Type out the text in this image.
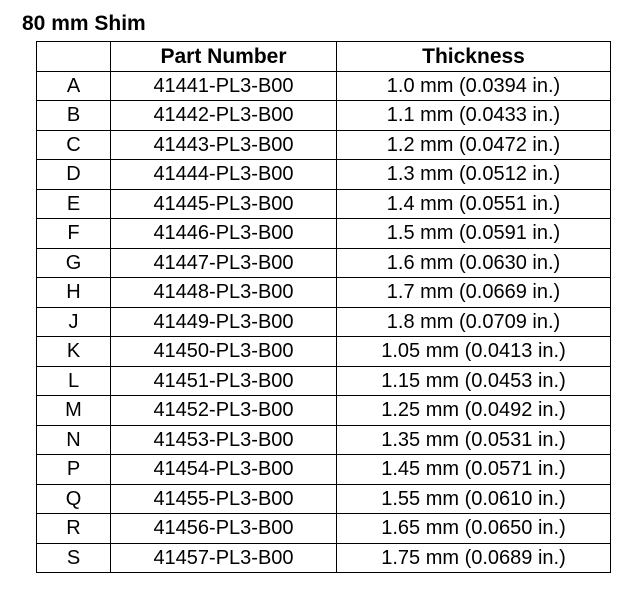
80 mm Shim
	Part Number	Thickness
A	41441-PL3-B00	1.0 mm (0.0394 in.)
B	41442-PL3-B00	1.1 mm (0.0433 in.)
C	41443-PL3-B00	1.2 mm (0.0472 in.)
D	41444-PL3-B00	1.3 mm (0.0512 in.)
E	41445-PL3-B00	1.4 mm (0.0551 in.)
F	41446-PL3-B00	1.5 mm (0.0591 in.)
G	41447-PL3-B00	1.6 mm (0.0630 in.)
H	41448-PL3-B00	1.7 mm (0.0669 in.)
J	41449-PL3-B00	1.8 mm (0.0709 in.)
K	41450-PL3-B00	1.05 mm (0.0413 in.)
L	41451-PL3-B00	1.15 mm (0.0453 in.)
M	41452-PL3-B00	1.25 mm (0.0492 in.)
N	41453-PL3-B00	1.35 mm (0.0531 in.)
P	41454-PL3-B00	1.45 mm (0.0571 in.)
Q	41455-PL3-B00	1.55 mm (0.0610 in.)
R	41456-PL3-B00	1.65 mm (0.0650 in.)
S	41457-PL3-B00	1.75 mm (0.0689 in.)
